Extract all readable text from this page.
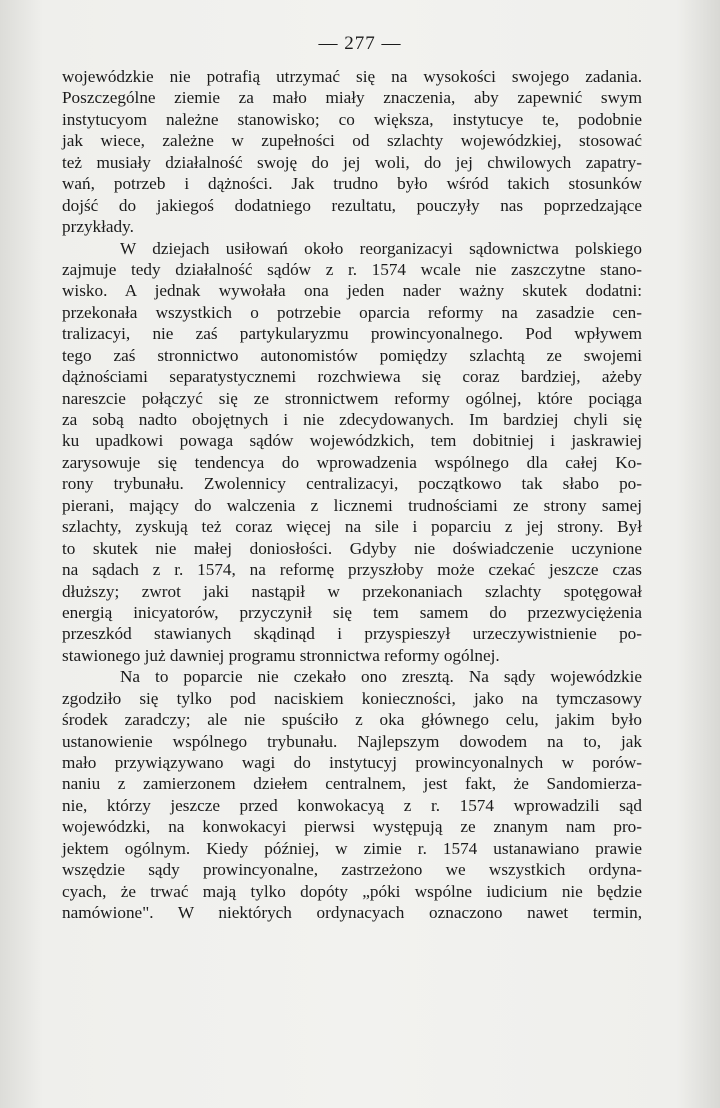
— 277 —
wojewódzkie nie potrafią utrzymać się na wysokości swojego zadania.
Poszczególne ziemie za mało miały znaczenia, aby zapewnić swym
instytucyom należne stanowisko; co większa, instytucye te, podobnie
jak wiece, zależne w zupełności od szlachty wojewódzkiej, stosować
też musiały działalność swoję do jej woli, do jej chwilowych zapatry-
wań, potrzeb i dążności. Jak trudno było wśród takich stosunków
dojść do jakiegoś dodatniego rezultatu, pouczyły nas poprzedzające
przykłady.
W dziejach usiłowań około reorganizacyi sądownictwa polskiego
zajmuje tedy działalność sądów z r. 1574 wcale nie zaszczytne stano-
wisko. A jednak wywołała ona jeden nader ważny skutek dodatni:
przekonała wszystkich o potrzebie oparcia reformy na zasadzie cen-
tralizacyi, nie zaś partykularyzmu prowincyonalnego. Pod wpływem
tego zaś stronnictwo autonomistów pomiędzy szlachtą ze swojemi
dążnościami separatystycznemi rozchwiewa się coraz bardziej, ażeby
nareszcie połączyć się ze stronnictwem reformy ogólnej, które pociąga
za sobą nadto obojętnych i nie zdecydowanych. Im bardziej chyli się
ku upadkowi powaga sądów wojewódzkich, tem dobitniej i jaskrawiej
zarysowuje się tendencya do wprowadzenia wspólnego dla całej Ko-
rony trybunału. Zwolennicy centralizacyi, początkowo tak słabo po-
pierani, mający do walczenia z licznemi trudnościami ze strony samej
szlachty, zyskują też coraz więcej na sile i poparciu z jej strony. Był
to skutek nie małej doniosłości. Gdyby nie doświadczenie uczynione
na sądach z r. 1574, na reformę przyszłoby może czekać jeszcze czas
dłuższy; zwrot jaki nastąpił w przekonaniach szlachty spotęgował
energią inicyatorów, przyczynił się tem samem do przezwyciężenia
przeszkód stawianych skądinąd i przyspieszył urzeczywistnienie po-
stawionego już dawniej programu stronnictwa reformy ogólnej.
Na to poparcie nie czekało ono zresztą. Na sądy wojewódzkie
zgodziło się tylko pod naciskiem konieczności, jako na tymczasowy
środek zaradczy; ale nie spuściło z oka głównego celu, jakim było
ustanowienie wspólnego trybunału. Najlepszym dowodem na to, jak
mało przywiązywano wagi do instytucyj prowincyonalnych w porów-
naniu z zamierzonem dziełem centralnem, jest fakt, że Sandomierza-
nie, którzy jeszcze przed konwokacyą z r. 1574 wprowadzili sąd
wojewódzki, na konwokacyi pierwsi występują ze znanym nam pro-
jektem ogólnym. Kiedy później, w zimie r. 1574 ustanawiano prawie
wszędzie sądy prowincyonalne, zastrzeżono we wszystkich ordyna-
cyach, że trwać mają tylko dopóty „póki wspólne iudicium nie będzie
namówione". W niektórych ordynacyach oznaczono nawet termin,
